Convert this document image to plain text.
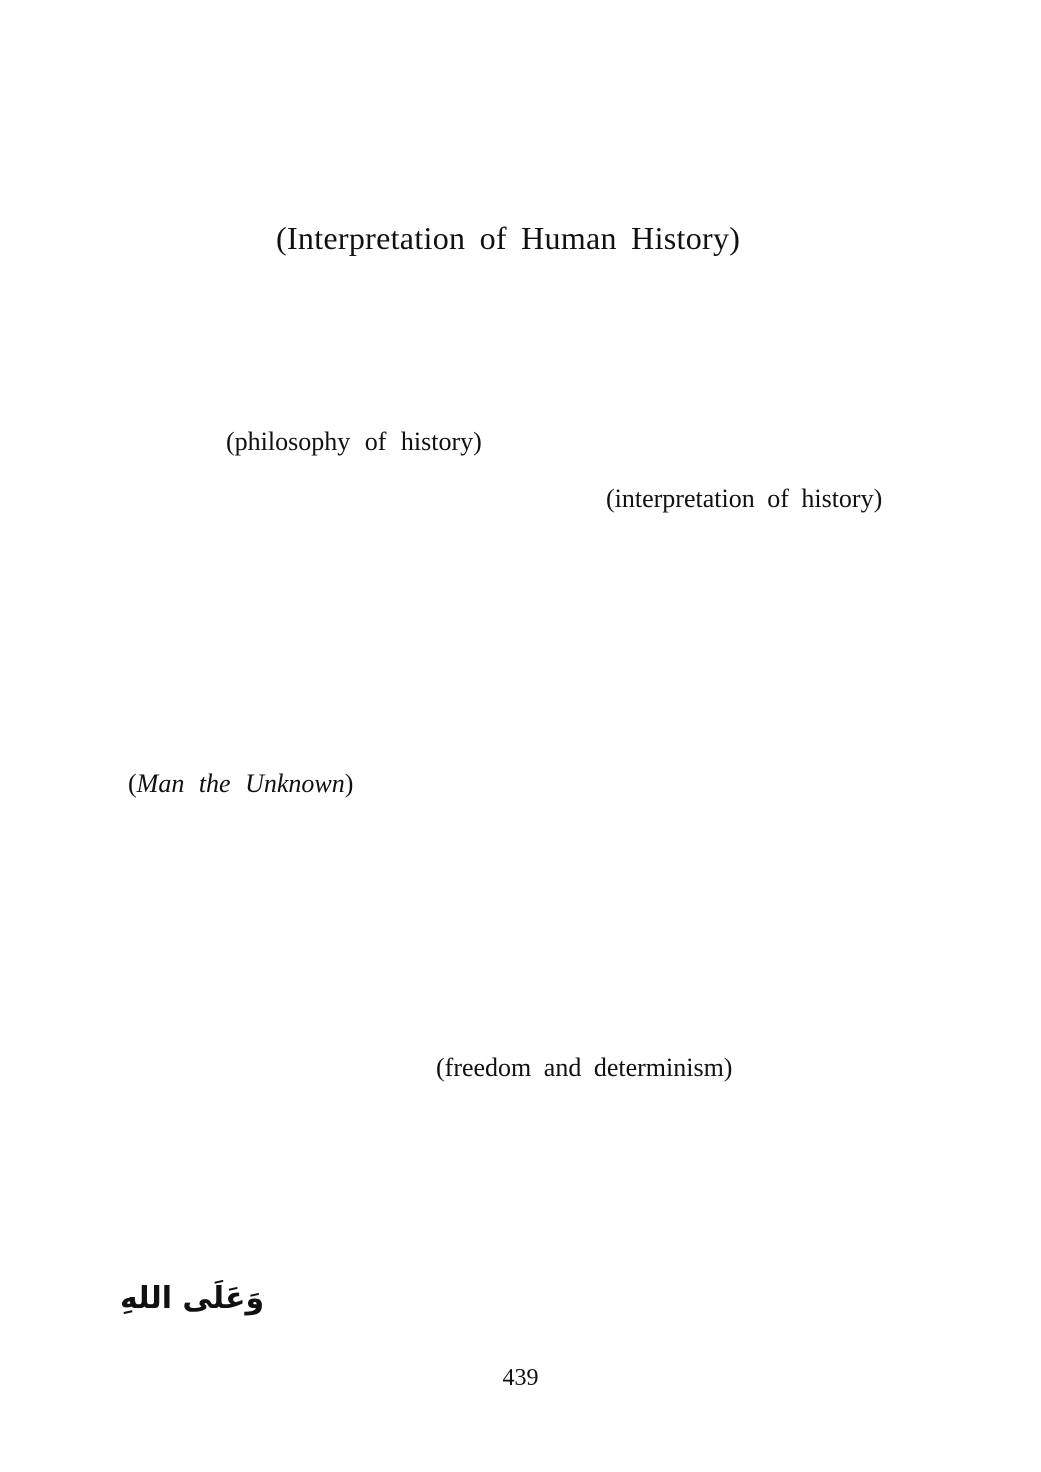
(Interpretation of Human History)
(philosophy of history)
(interpretation of history)
(Man the Unknown)
(freedom and determinism)
وَعَلَى اللهِ
439
